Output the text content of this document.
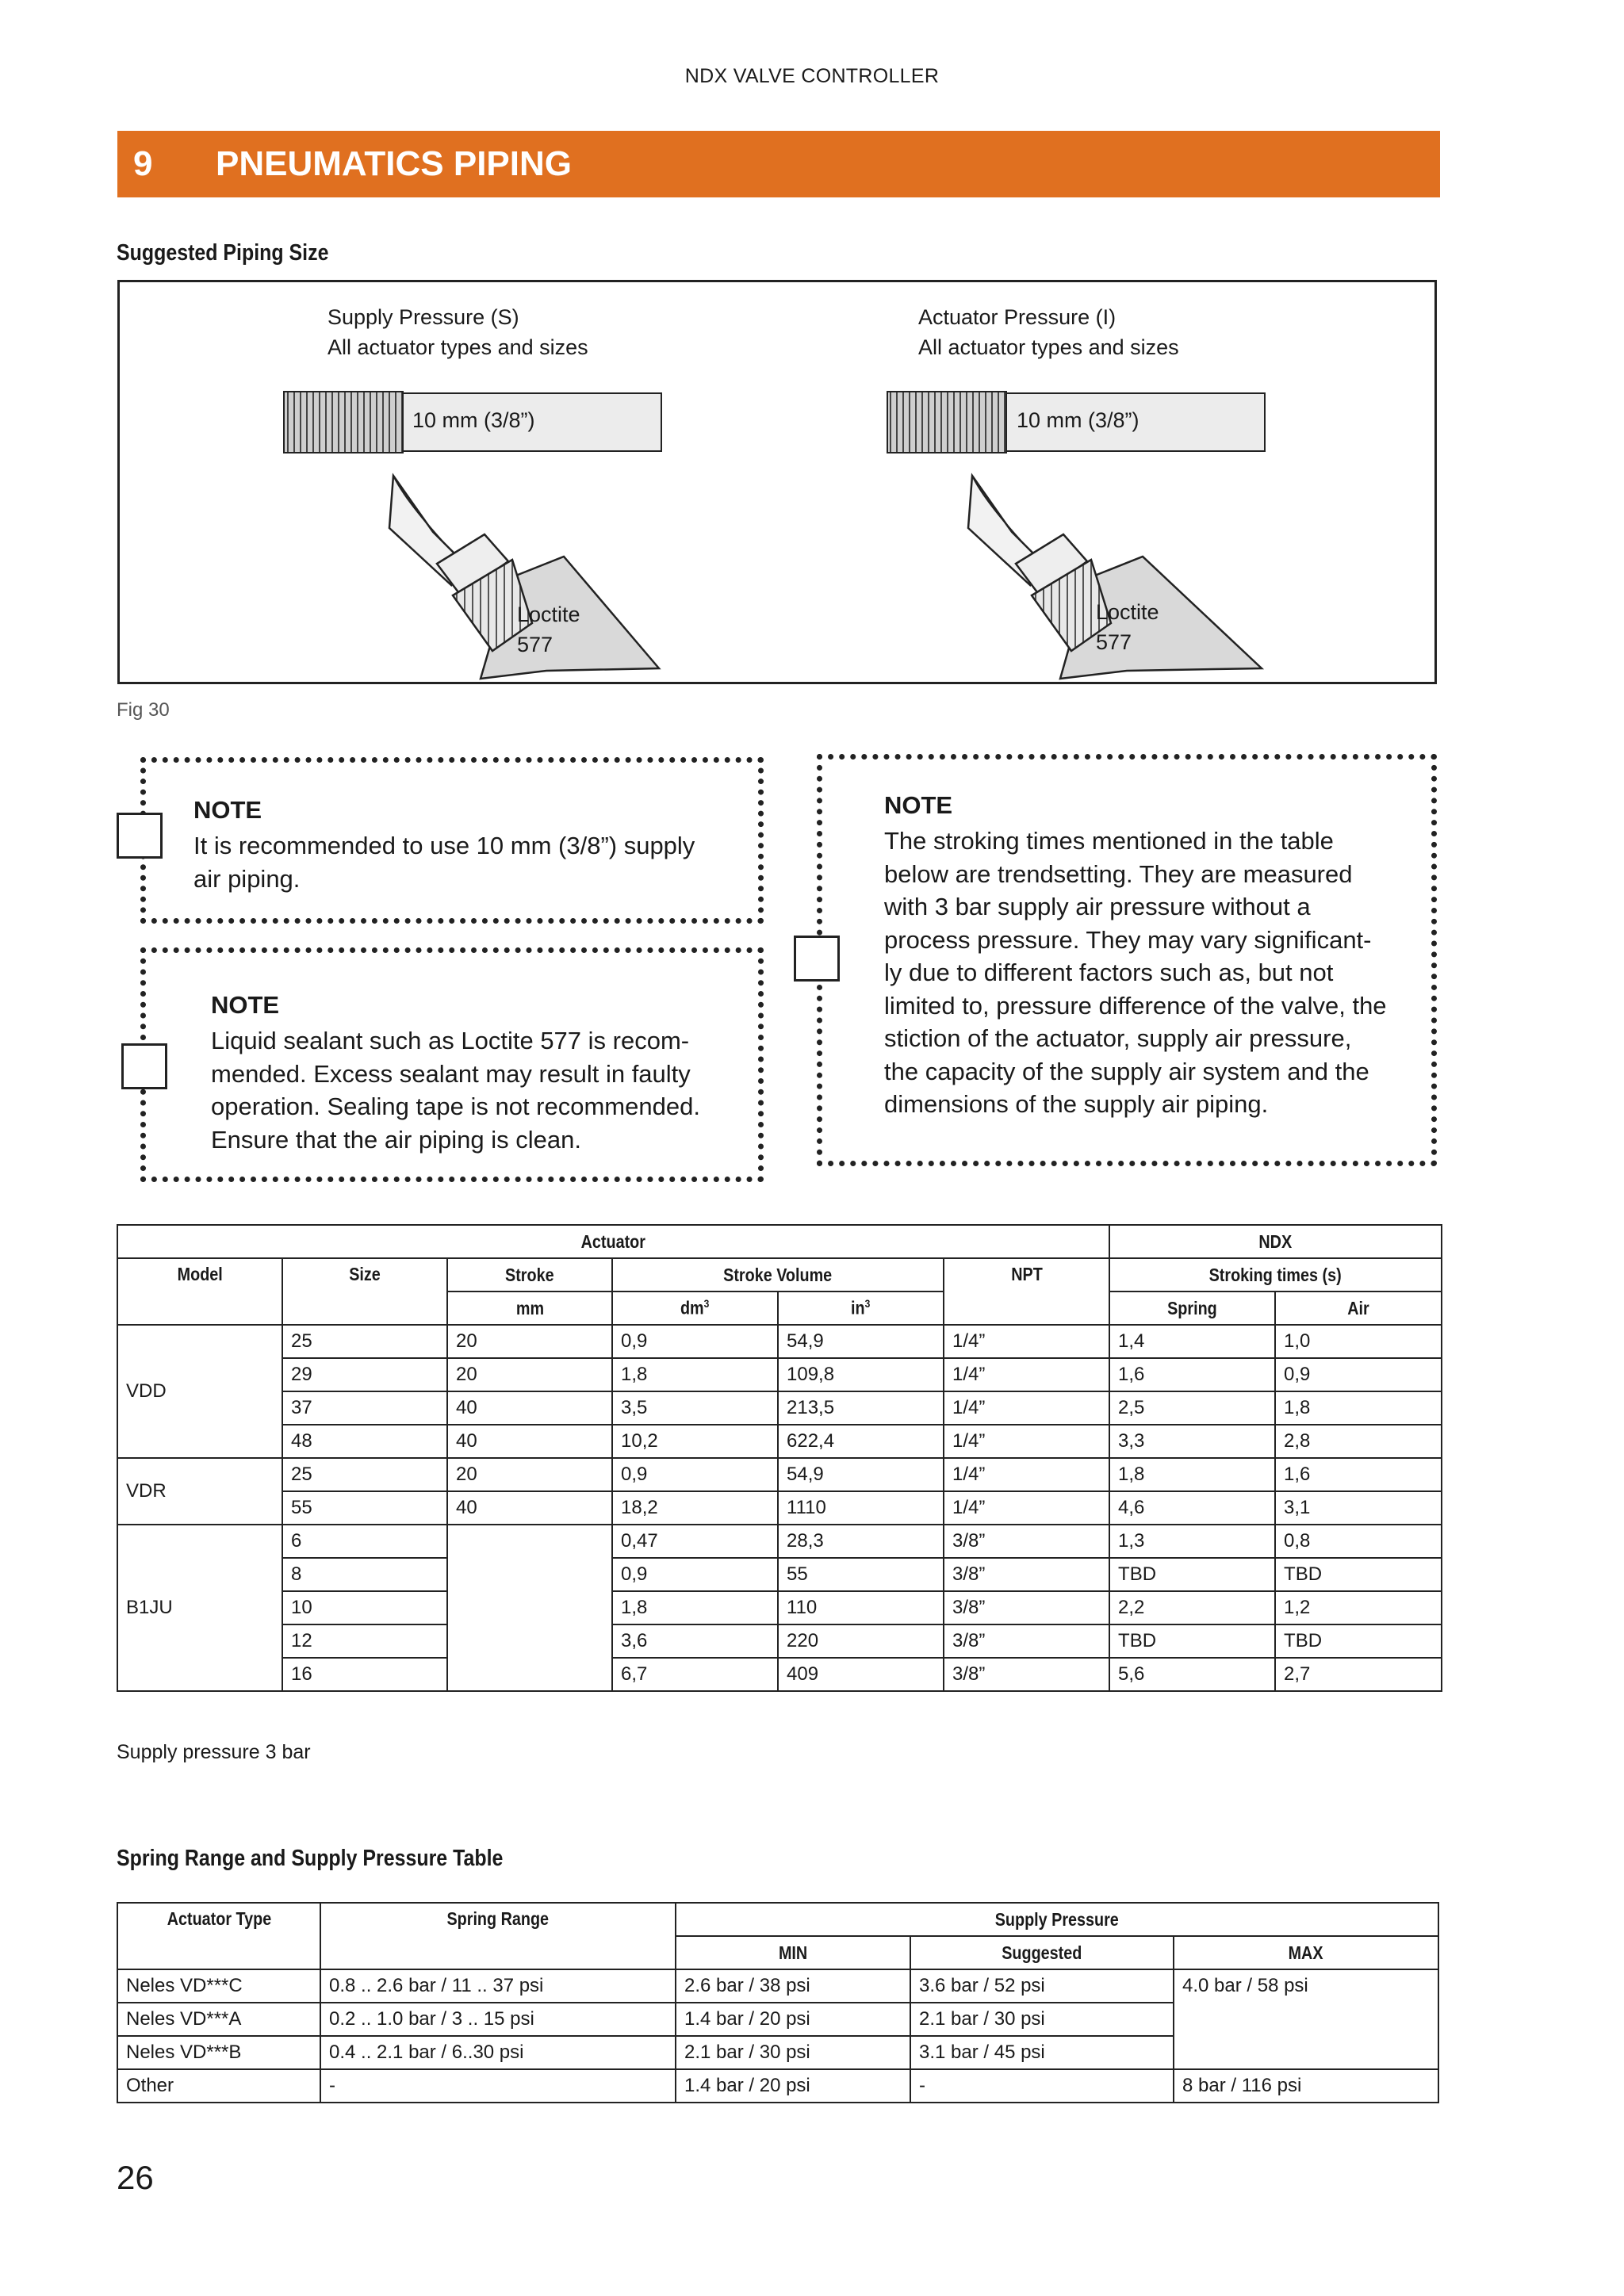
NDX VALVE CONTROLLER
9 PNEUMATICS PIPING
Suggested Piping Size
Supply Pressure (S)
All actuator types and sizes
10 mm (3/8”)
Loctite
577
Actuator Pressure (I)
All actuator types and sizes
10 mm (3/8”)
Loctite
577
Fig 30
NOTE
It is recommended to use 10 mm (3/8”) supply
air piping.
NOTE
Liquid sealant such as Loctite 577 is recom-
mended. Excess sealant may result in faulty
operation. Sealing tape is not recommended.
Ensure that the air piping is clean.
NOTE
The stroking times mentioned in the table
below are trendsetting. They are measured
with 3 bar supply air pressure without a
process pressure. They may vary significant-
ly due to different factors such as, but not
limited to, pressure difference of the valve, the
stiction of the actuator, supply air pressure,
the capacity of the supply air system and the
dimensions of the supply air piping.
Actuator						NDX	
Model	Size	Stroke	Stroke Volume		NPT	Stroking times (s)	
		mm	$dm^3$	$in^3$		Spring	Air
VDD	25	20	0,9	54,9	1/4”	1,4	1,0
	29	20	1,8	109,8	1/4”	1,6	0,9
	37	40	3,5	213,5	1/4”	2,5	1,8
	48	40	10,2	622,4	1/4”	3,3	2,8
VDR	25	20	0,9	54,9	1/4”	1,8	1,6
	55	40	18,2	1110	1/4”	4,6	3,1
B1JU	6		0,47	28,3	3/8”	1,3	0,8
	8		0,9	55	3/8”	TBD	TBD
	10		1,8	110	3/8”	2,2	1,2
	12		3,6	220	3/8”	TBD	TBD
	16		6,7	409	3/8”	5,6	2,7
Supply pressure 3 bar
Spring Range and Supply Pressure Table
Actuator Type	Spring Range	Supply Pressure		
		MIN	Suggested	MAX
Neles VD***C	0.8 .. 2.6 bar / 11 .. 37 psi	2.6 bar / 38 psi	3.6 bar / 52 psi	4.0 bar / 58 psi
Neles VD***A	0.2 .. 1.0 bar / 3 .. 15 psi	1.4 bar / 20 psi	2.1 bar / 30 psi	
Neles VD***B	0.4 .. 2.1 bar / 6..30 psi	2.1 bar / 30 psi	3.1 bar / 45 psi	
Other	-	1.4 bar / 20 psi	-	8 bar / 116 psi
26
